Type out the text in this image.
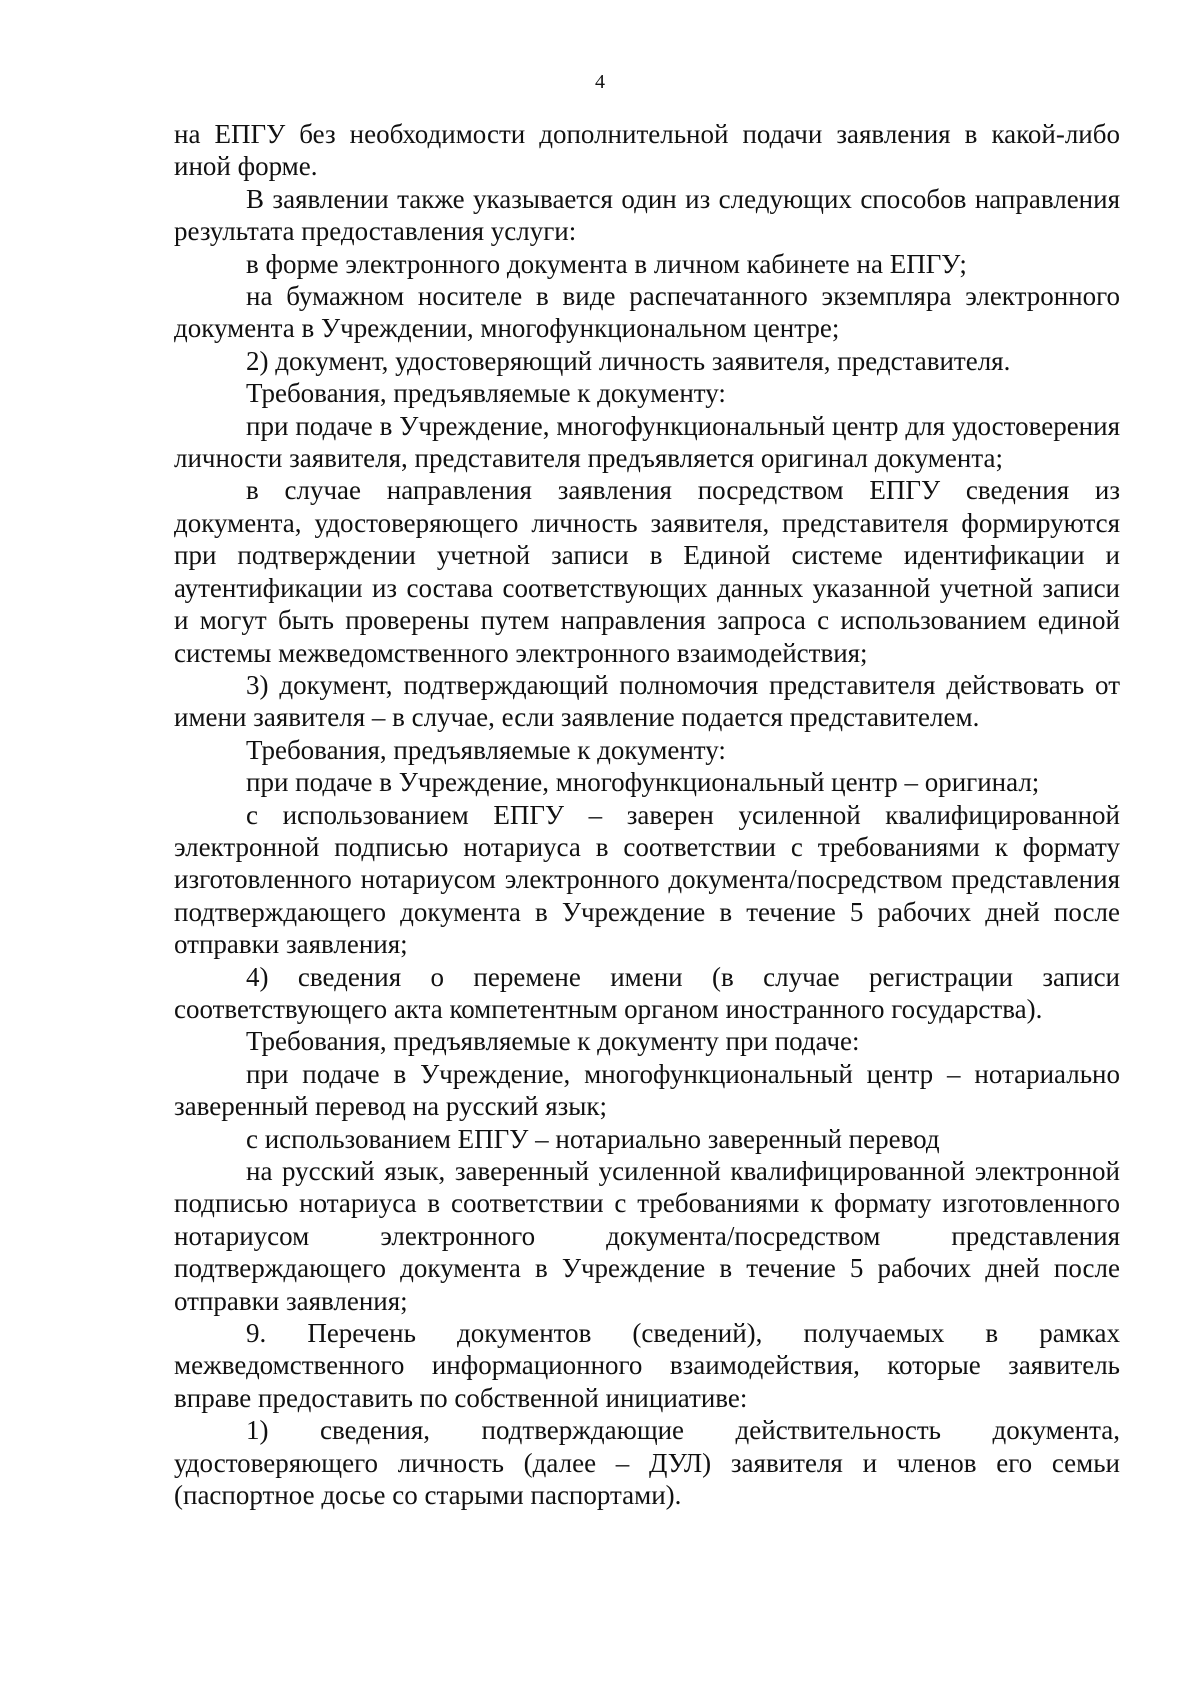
4

на ЕПГУ без необходимости дополнительной подачи заявления в какой-либо иной форме.

В заявлении также указывается один из следующих способов направления результата предоставления услуги:

в форме электронного документа в личном кабинете на ЕПГУ;

на бумажном носителе в виде распечатанного экземпляра электронного документа в Учреждении, многофункциональном центре;

2) документ, удостоверяющий личность заявителя, представителя.

Требования, предъявляемые к документу:

при подаче в Учреждение, многофункциональный центр для удостоверения личности заявителя, представителя предъявляется оригинал документа;

в случае направления заявления посредством ЕПГУ сведения из документа, удостоверяющего личность заявителя, представителя формируются при подтверждении учетной записи в Единой системе идентификации и аутентификации из состава соответствующих данных указанной учетной записи и могут быть проверены путем направления запроса с использованием единой системы межведомственного электронного взаимодействия;

3) документ, подтверждающий полномочия представителя действовать от имени заявителя – в случае, если заявление подается представителем.

Требования, предъявляемые к документу:

при подаче в Учреждение, многофункциональный центр – оригинал;

с использованием ЕПГУ – заверен усиленной квалифицированной электронной подписью нотариуса в соответствии с требованиями к формату изготовленного нотариусом электронного документа/посредством представления подтверждающего документа в Учреждение в течение 5 рабочих дней после отправки заявления;

4) сведения о перемене имени (в случае регистрации записи соответствующего акта компетентным органом иностранного государства).

Требования, предъявляемые к документу при подаче:

при подаче в Учреждение, многофункциональный центр – нотариально заверенный перевод на русский язык;

с использованием ЕПГУ – нотариально заверенный перевод

на русский язык, заверенный усиленной квалифицированной электронной подписью нотариуса в соответствии с требованиями к формату изготовленного нотариусом электронного документа/посредством представления подтверждающего документа в Учреждение в течение 5 рабочих дней после отправки заявления;

9. Перечень документов (сведений), получаемых в рамках межведомственного информационного взаимодействия, которые заявитель вправе предоставить по собственной инициативе:

1) сведения, подтверждающие действительность документа, удостоверяющего личность (далее – ДУЛ) заявителя и членов его семьи (паспортное досье со старыми паспортами).
